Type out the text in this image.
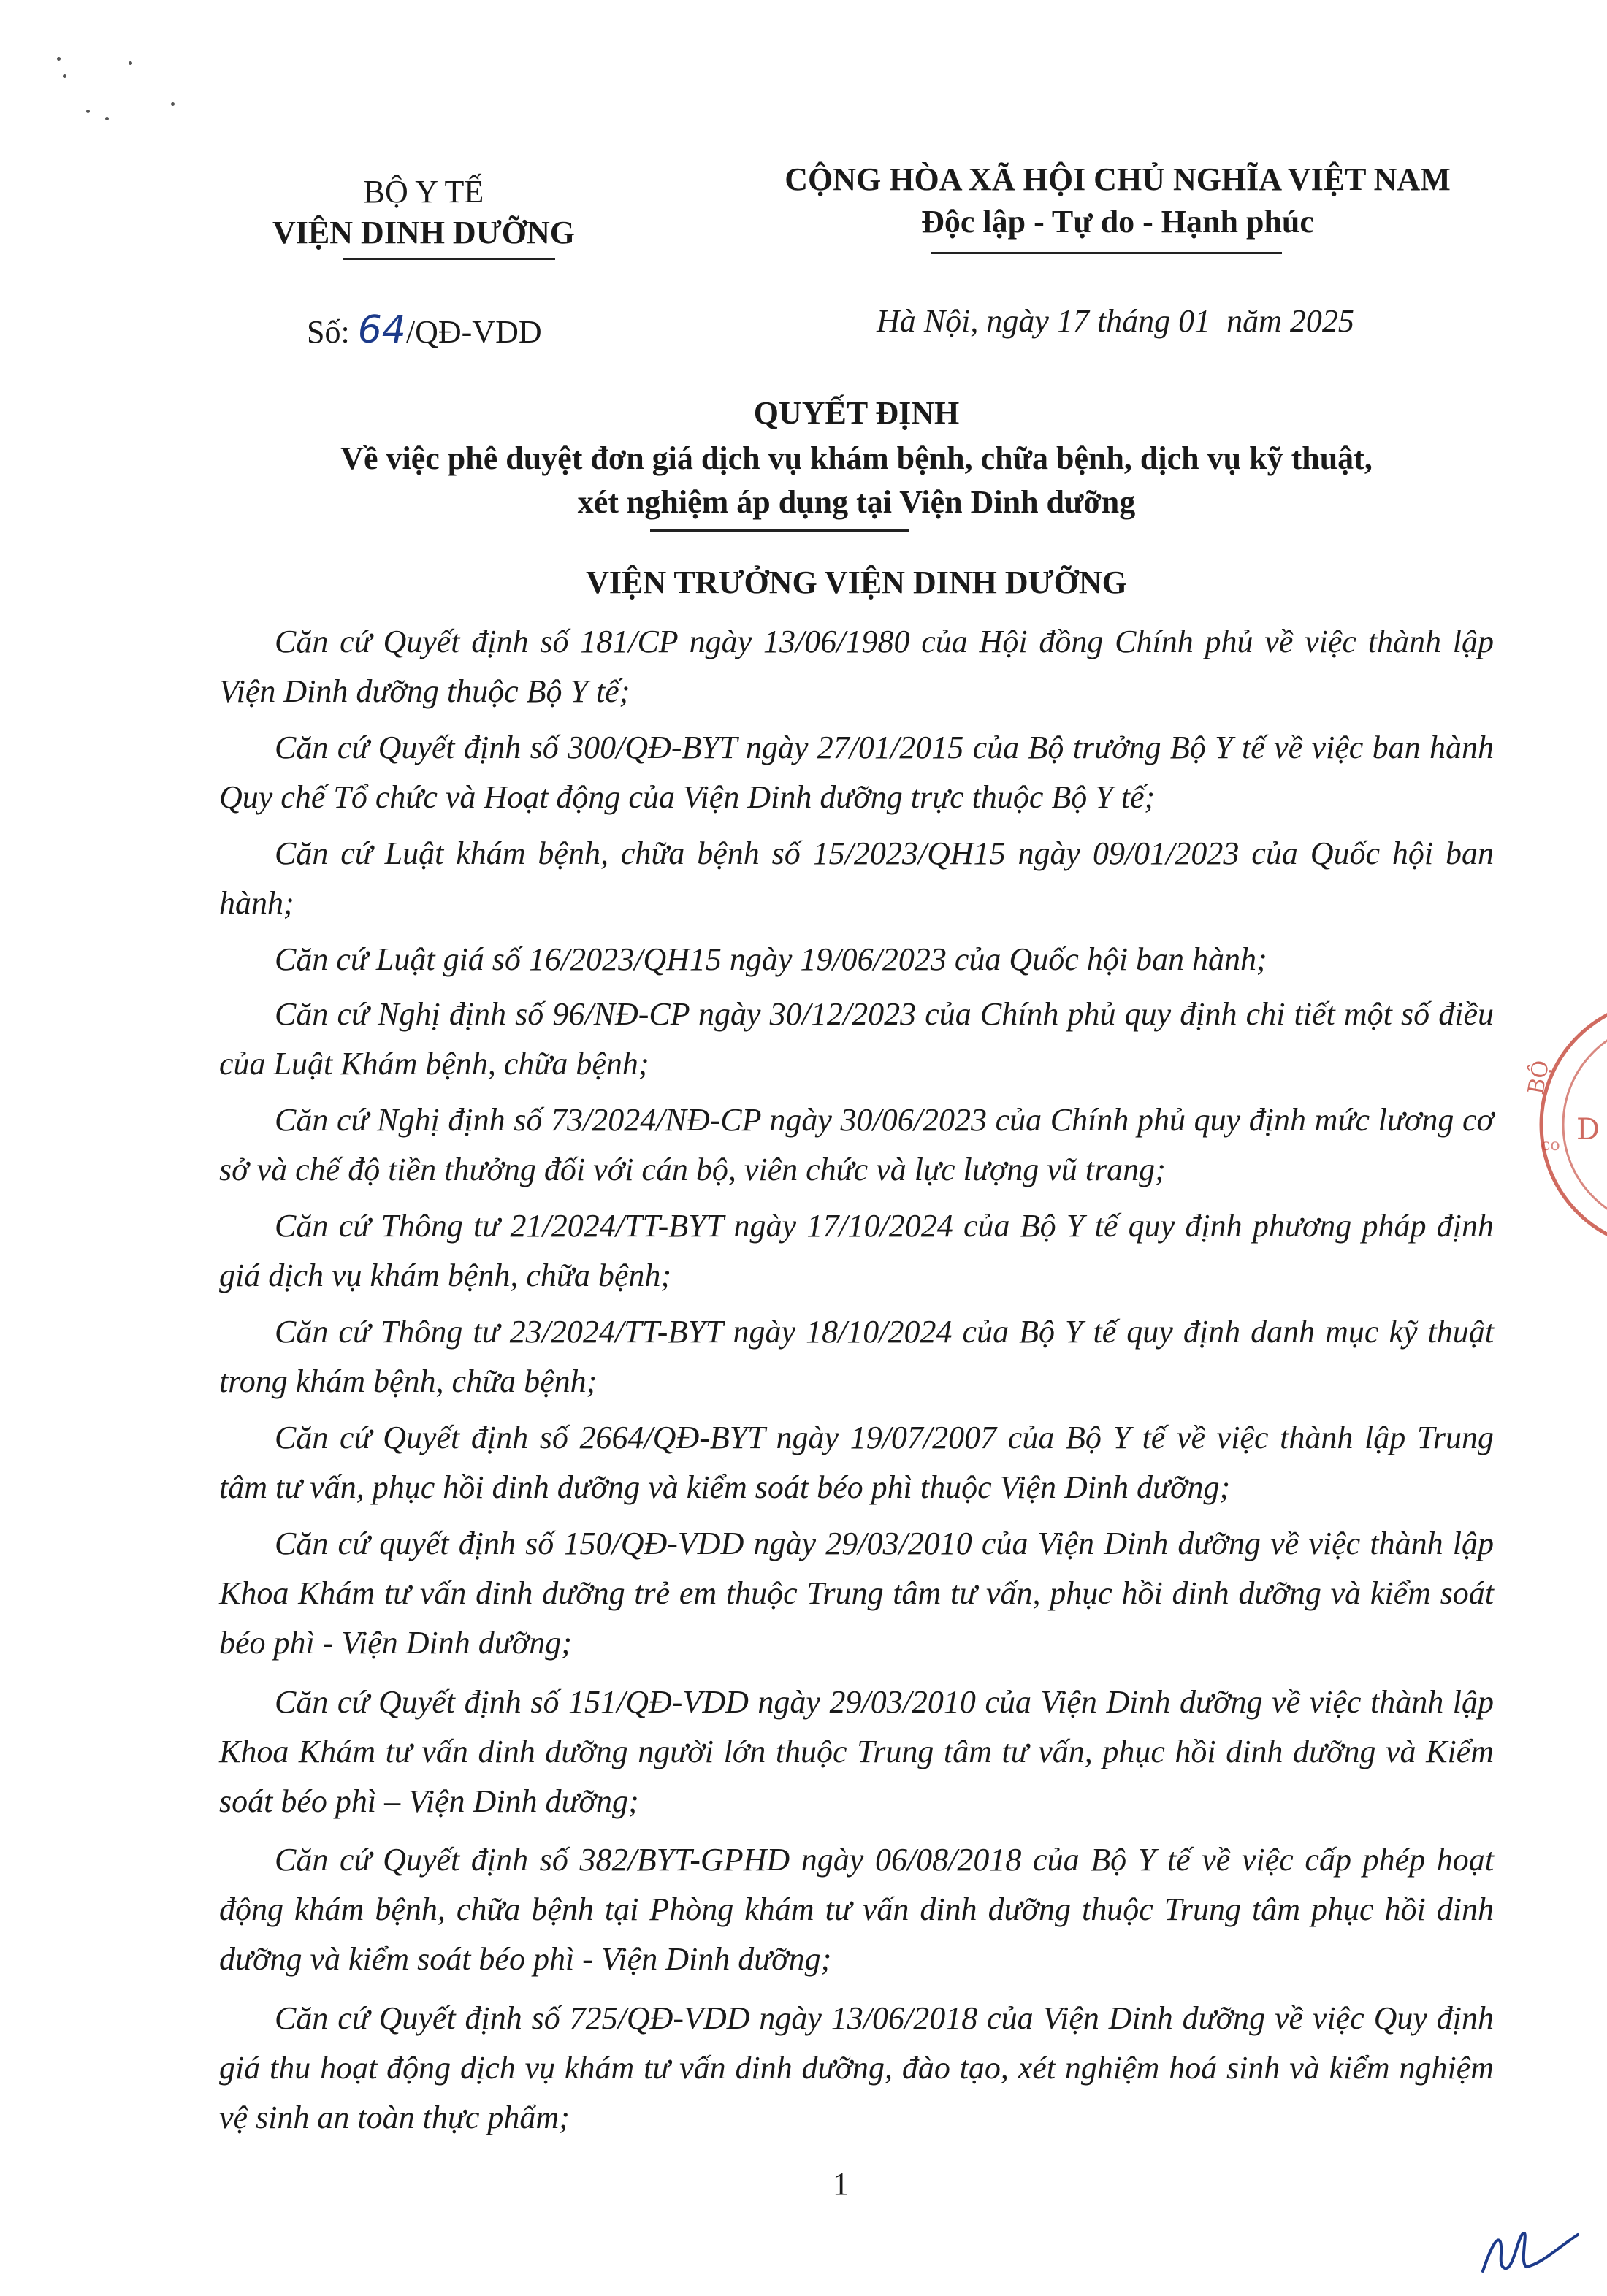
BỘ Y TẾ
VIỆN DINH DƯỠNG
CỘNG HÒA XÃ HỘI CHỦ NGHĨA VIỆT NAM
Độc lập - Tự do - Hạnh phúc
Số: 64/QĐ-VDD	Hà Nội, ngày 17 tháng 01  năm 2025
QUYẾT ĐỊNH
Về việc phê duyệt đơn giá dịch vụ khám bệnh, chữa bệnh, dịch vụ kỹ thuật,
xét nghiệm áp dụng tại Viện Dinh dưỡng
VIỆN TRƯỞNG VIỆN DINH DƯỠNG

Căn cứ Quyết định số 181/CP ngày 13/06/1980 của Hội đồng Chính phủ về việc thành lập Viện Dinh dưỡng thuộc Bộ Y tế;

Căn cứ Quyết định số 300/QĐ-BYT ngày 27/01/2015 của Bộ trưởng Bộ Y tế về việc ban hành Quy chế Tổ chức và Hoạt động của Viện Dinh dưỡng trực thuộc Bộ Y tế;

Căn cứ Luật khám bệnh, chữa bệnh số 15/2023/QH15 ngày 09/01/2023 của Quốc hội ban hành;

Căn cứ Luật giá số 16/2023/QH15 ngày 19/06/2023 của Quốc hội ban hành;

Căn cứ Nghị định số 96/NĐ-CP ngày 30/12/2023 của Chính phủ quy định chi tiết một số điều của Luật Khám bệnh, chữa bệnh;

Căn cứ Nghị định số 73/2024/NĐ-CP ngày 30/06/2023 của Chính phủ quy định mức lương cơ sở và chế độ tiền thưởng đối với cán bộ, viên chức và lực lượng vũ trang;

Căn cứ Thông tư 21/2024/TT-BYT ngày 17/10/2024 của Bộ Y tế quy định phương pháp định giá dịch vụ khám bệnh, chữa bệnh;

Căn cứ Thông tư 23/2024/TT-BYT ngày 18/10/2024 của Bộ Y tế quy định danh mục kỹ thuật trong khám bệnh, chữa bệnh;

Căn cứ Quyết định số 2664/QĐ-BYT ngày 19/07/2007 của Bộ Y tế về việc thành lập Trung tâm tư vấn, phục hồi dinh dưỡng và kiểm soát béo phì thuộc Viện Dinh dưỡng;

Căn cứ quyết định số 150/QĐ-VDD ngày 29/03/2010 của Viện Dinh dưỡng về việc thành lập Khoa Khám tư vấn dinh dưỡng trẻ em thuộc Trung tâm tư vấn, phục hồi dinh dưỡng và kiểm soát béo phì - Viện Dinh dưỡng;

Căn cứ Quyết định số 151/QĐ-VDD ngày 29/03/2010 của Viện Dinh dưỡng về việc thành lập Khoa Khám tư vấn dinh dưỡng người lớn thuộc Trung tâm tư vấn, phục hồi dinh dưỡng và Kiểm soát béo phì – Viện Dinh dưỡng;

Căn cứ Quyết định số 382/BYT-GPHD ngày 06/08/2018 của Bộ Y tế về việc cấp phép hoạt động khám bệnh, chữa bệnh tại Phòng khám tư vấn dinh dưỡng thuộc Trung tâm phục hồi dinh dưỡng và kiểm soát béo phì - Viện Dinh dưỡng;

Căn cứ Quyết định số 725/QĐ-VDD ngày 13/06/2018 của Viện Dinh dưỡng về việc Quy định giá thu hoạt động dịch vụ khám tư vấn dinh dưỡng, đào tạo, xét nghiệm hoá sinh và kiểm nghiệm vệ sinh an toàn thực phẩm;

1
BỘ
D
co
